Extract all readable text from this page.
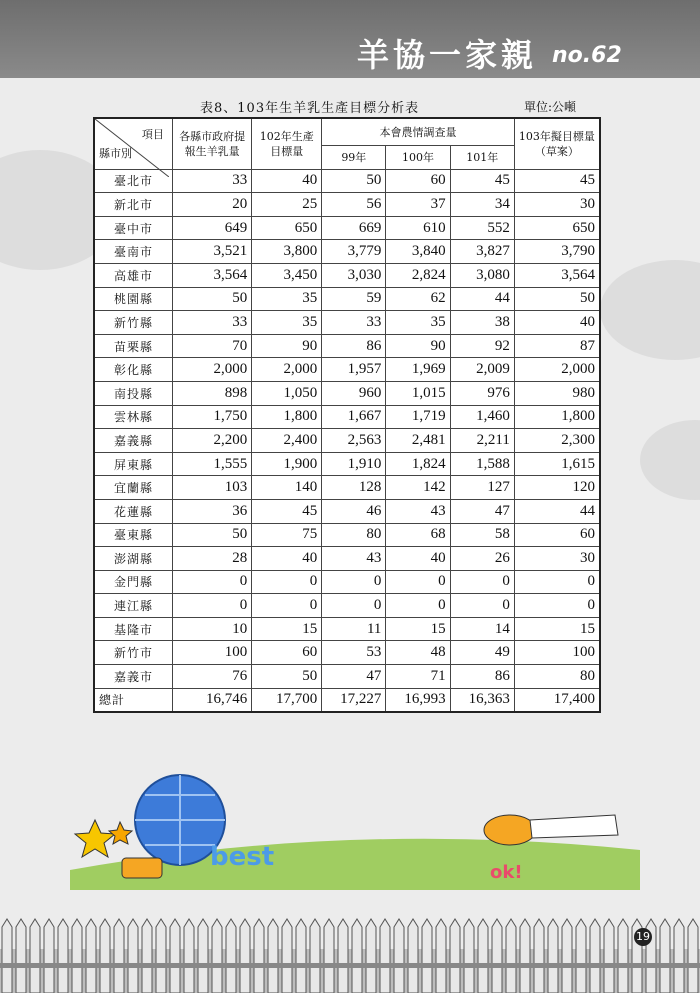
羊協一家親 no.62
表8、103年生羊乳生產目標分析表	單位:公噸
項目
縣市別	各縣市政府提報生羊乳量	102年生產目標量	本會農情調查量			103年擬目標量（草案）
			99年	100年	101年	
臺北市	33	40	50	60	45	45
新北市	20	25	56	37	34	30
臺中市	649	650	669	610	552	650
臺南市	3,521	3,800	3,779	3,840	3,827	3,790
高雄市	3,564	3,450	3,030	2,824	3,080	3,564
桃園縣	50	35	59	62	44	50
新竹縣	33	35	33	35	38	40
苗栗縣	70	90	86	90	92	87
彰化縣	2,000	2,000	1,957	1,969	2,009	2,000
南投縣	898	1,050	960	1,015	976	980
雲林縣	1,750	1,800	1,667	1,719	1,460	1,800
嘉義縣	2,200	2,400	2,563	2,481	2,211	2,300
屏東縣	1,555	1,900	1,910	1,824	1,588	1,615
宜蘭縣	103	140	128	142	127	120
花蓮縣	36	45	46	43	47	44
臺東縣	50	75	80	68	58	60
澎湖縣	28	40	43	40	26	30
金門縣	0	0	0	0	0	0
連江縣	0	0	0	0	0	0
基隆市	10	15	11	15	14	15
新竹市	100	60	53	48	49	100
嘉義市	76	50	47	71	86	80
總計	16,746	17,700	17,227	16,993	16,363	17,400
best
ok!
19
